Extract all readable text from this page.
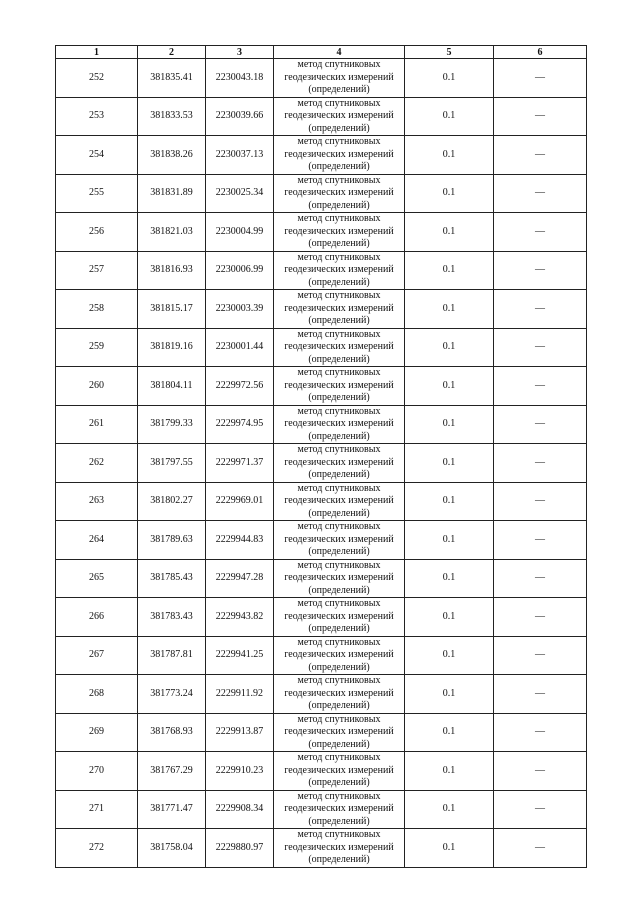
1	2	3	4	5	6
252	381835.41	2230043.18	метод спутниковых
геодезических измерений
(определений)	0.1	—
253	381833.53	2230039.66	метод спутниковых
геодезических измерений
(определений)	0.1	—
254	381838.26	2230037.13	метод спутниковых
геодезических измерений
(определений)	0.1	—
255	381831.89	2230025.34	метод спутниковых
геодезических измерений
(определений)	0.1	—
256	381821.03	2230004.99	метод спутниковых
геодезических измерений
(определений)	0.1	—
257	381816.93	2230006.99	метод спутниковых
геодезических измерений
(определений)	0.1	—
258	381815.17	2230003.39	метод спутниковых
геодезических измерений
(определений)	0.1	—
259	381819.16	2230001.44	метод спутниковых
геодезических измерений
(определений)	0.1	—
260	381804.11	2229972.56	метод спутниковых
геодезических измерений
(определений)	0.1	—
261	381799.33	2229974.95	метод спутниковых
геодезических измерений
(определений)	0.1	—
262	381797.55	2229971.37	метод спутниковых
геодезических измерений
(определений)	0.1	—
263	381802.27	2229969.01	метод спутниковых
геодезических измерений
(определений)	0.1	—
264	381789.63	2229944.83	метод спутниковых
геодезических измерений
(определений)	0.1	—
265	381785.43	2229947.28	метод спутниковых
геодезических измерений
(определений)	0.1	—
266	381783.43	2229943.82	метод спутниковых
геодезических измерений
(определений)	0.1	—
267	381787.81	2229941.25	метод спутниковых
геодезических измерений
(определений)	0.1	—
268	381773.24	2229911.92	метод спутниковых
геодезических измерений
(определений)	0.1	—
269	381768.93	2229913.87	метод спутниковых
геодезических измерений
(определений)	0.1	—
270	381767.29	2229910.23	метод спутниковых
геодезических измерений
(определений)	0.1	—
271	381771.47	2229908.34	метод спутниковых
геодезических измерений
(определений)	0.1	—
272	381758.04	2229880.97	метод спутниковых
геодезических измерений
(определений)	0.1	—
